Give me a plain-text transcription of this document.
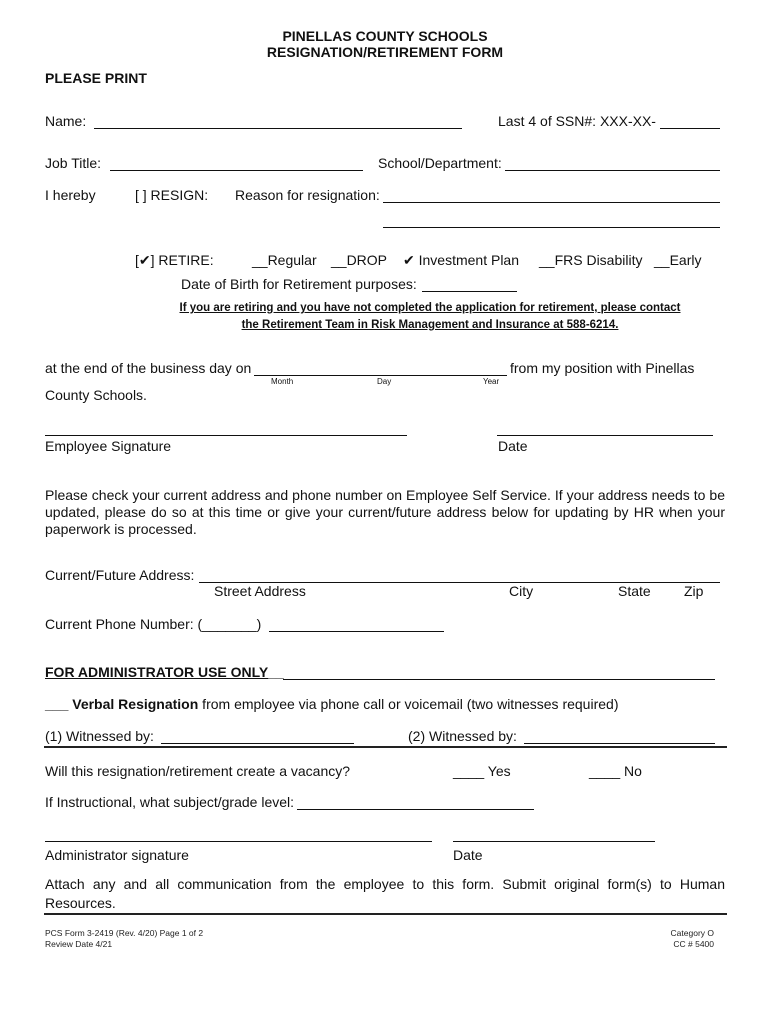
PINELLAS COUNTY SCHOOLS
RESIGNATION/RETIREMENT FORM
PLEASE PRINT
Name:	Last 4 of SSN#: XXX-XX-
Job Title:	School/Department:
I hereby	[ ] RESIGN: Reason for resignation:
[✔] RETIRE:	__Regular __DROP ✔ Investment Plan __FRS Disability __Early
Date of Birth for Retirement purposes:
If you are retiring and you have not completed the application for retirement, please contact
the Retirement Team in Risk Management and Insurance at 588-6214.
at the end of the business day on	from my position with Pinellas
Month	Day	Year
County Schools.
Employee Signature	Date
Please check your current address and phone number on Employee Self Service. If your address needs to be updated, please do so at this time or give your current/future address below for updating by HR when your paperwork is processed.
Current/Future Address:
Street Address	City	State Zip
Current Phone Number: (_______)
FOR ADMINISTRATOR USE ONLY__
___ Verbal Resignation from employee via phone call or voicemail (two witnesses required)
(1) Witnessed by:	(2) Witnessed by:
Will this resignation/retirement create a vacancy?	____ Yes	____ No
If Instructional, what subject/grade level:
Administrator signature	Date
Attach any and all communication from the employee to this form. Submit original form(s) to Human Resources.
PCS Form 3-2419 (Rev. 4/20) Page 1 of 2
Review Date 4/21
Category O
CC # 5400
